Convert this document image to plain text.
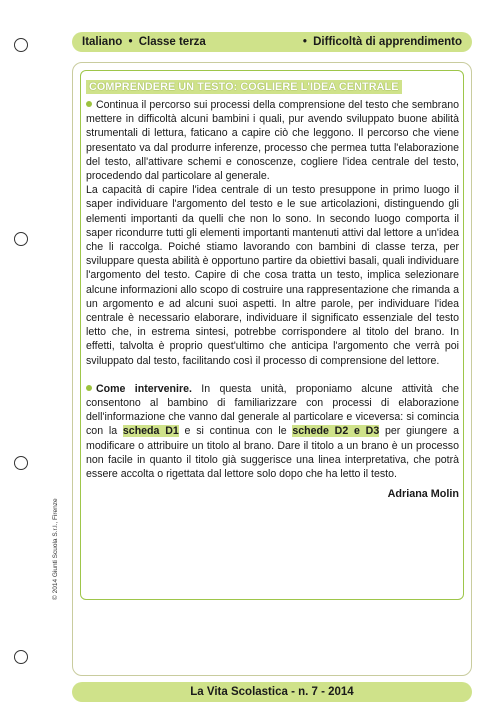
Italiano • Classe terza	• Difficoltà di apprendimento
COMPRENDERE UN TESTO: COGLIERE L'IDEA CENTRALE

Continua il percorso sui processi della comprensione del testo che sembrano mettere in difficoltà alcuni bambini i quali, pur avendo sviluppato buone abilità strumentali di lettura, faticano a capire ciò che leggono. Il percorso che viene presentato va dal produrre inferenze, processo che permea tutta l'elaborazione del testo, all'attivare schemi e conoscenze, cogliere l'idea centrale del testo, procedendo dal particolare al generale.

La capacità di capire l'idea centrale di un testo presuppone in primo luogo il saper individuare l'argomento del testo e le sue articolazioni, distinguendo gli elementi importanti da quelli che non lo sono. In secondo luogo comporta il saper ricondurre tutti gli elementi importanti mantenuti attivi dal lettore a un'idea che li raccolga. Poiché stiamo lavorando con bambini di classe terza, per sviluppare questa abilità è opportuno partire da obiettivi basali, quali individuare l'argomento del testo. Capire di che cosa tratta un testo, implica selezionare alcune informazioni allo scopo di costruire una rappresentazione che rimanda a un argomento e ad alcuni suoi aspetti. In altre parole, per individuare l'idea centrale è necessario elaborare, individuare il significato essenziale del testo letto che, in estrema sintesi, potrebbe corrispondere al titolo del brano. In effetti, talvolta è proprio quest'ultimo che anticipa l'argomento che verrà poi sviluppato dal testo, facilitando così il processo di comprensione del lettore.

Come intervenire. In questa unità, proponiamo alcune attività che consentono al bambino di familiarizzare con processi di elaborazione dell'informazione che vanno dal generale al particolare e viceversa: si comincia con la scheda D1 e si continua con le schede D2 e D3 per giungere a modificare o attribuire un titolo al brano. Dare il titolo a un brano è un processo non facile in quanto il titolo già suggerisce una linea interpretativa, che potrà essere accolta o rigettata dal lettore solo dopo che ha letto il testo.

Adriana Molin
© 2014 Giunti Scuola S.r.l., Firenze
La Vita Scolastica - n. 7 - 2014
